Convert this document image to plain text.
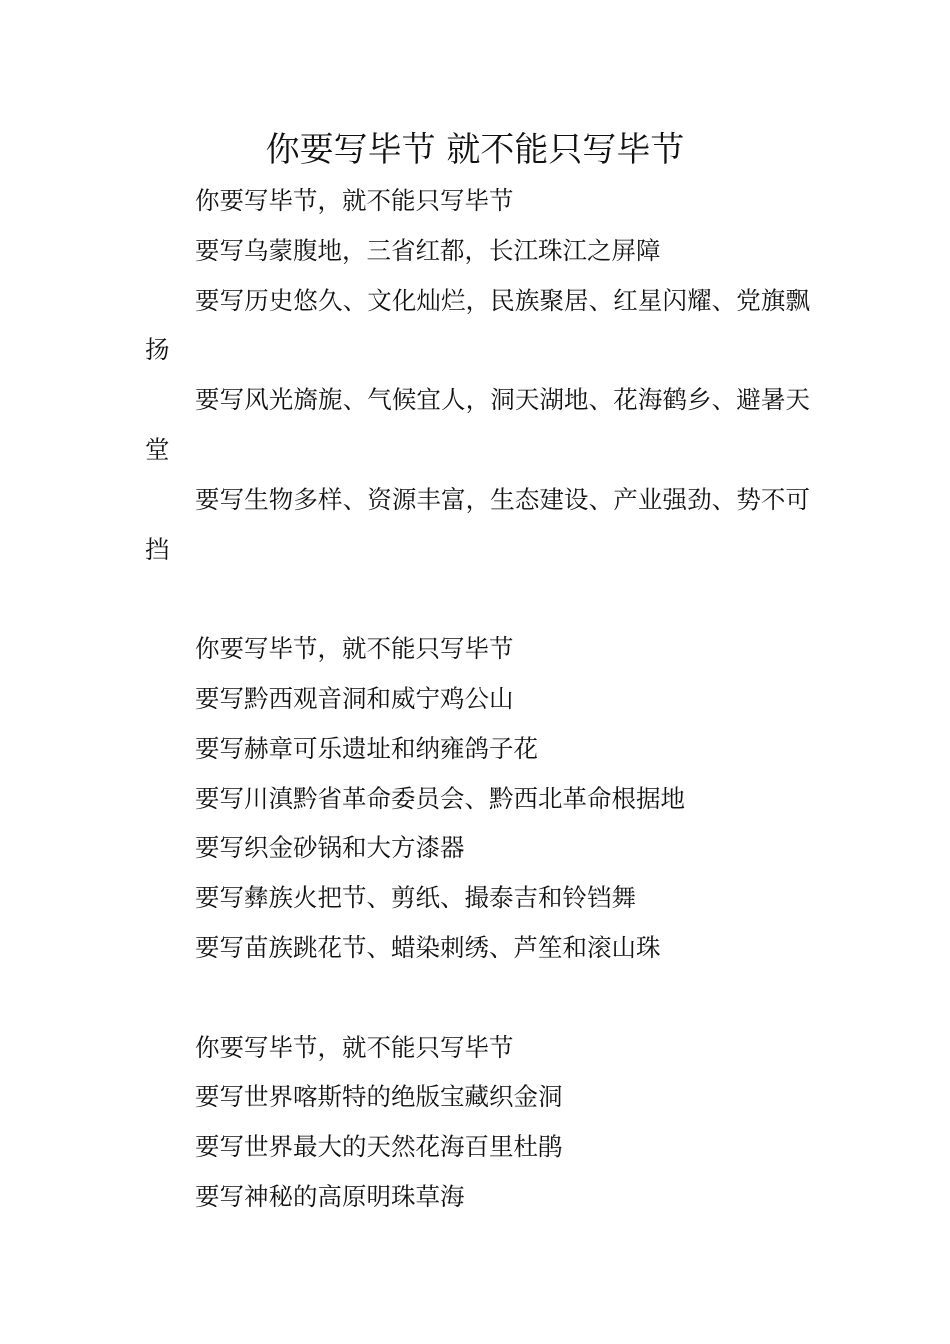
你要写毕节 就不能只写毕节

你要写毕节，就不能只写毕节

要写乌蒙腹地，三省红都，长江珠江之屏障

要写历史悠久、文化灿烂，民族聚居、红星闪耀、党旗飘扬

要写风光旖旎、气候宜人，洞天湖地、花海鹤乡、避暑天堂

要写生物多样、资源丰富，生态建设、产业强劲、势不可挡

你要写毕节，就不能只写毕节

要写黔西观音洞和威宁鸡公山

要写赫章可乐遗址和纳雍鸽子花

要写川滇黔省革命委员会、黔西北革命根据地

要写织金砂锅和大方漆器

要写彝族火把节、剪纸、撮泰吉和铃铛舞

要写苗族跳花节、蜡染刺绣、芦笙和滚山珠

你要写毕节，就不能只写毕节

要写世界喀斯特的绝版宝藏织金洞

要写世界最大的天然花海百里杜鹃

要写神秘的高原明珠草海
